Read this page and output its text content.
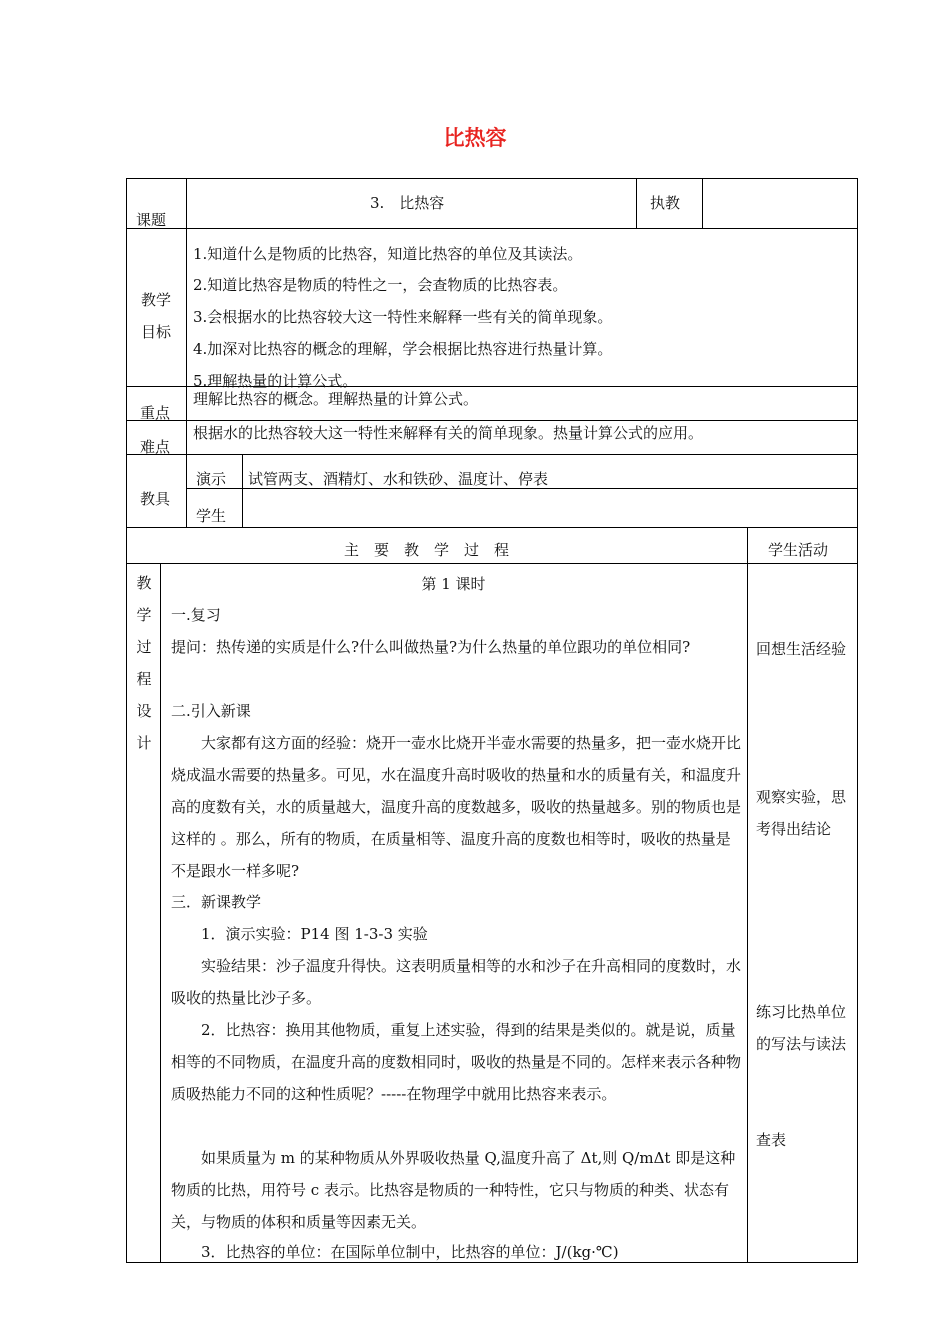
比热容
课题
3.　比热容	执教
教学
目标
1.知道什么是物质的比热容，知道比热容的单位及其读法。
2.知道比热容是物质的特性之一，会查物质的比热容表。
3.会根据水的比热容较大这一特性来解释一些有关的简单现象。
4.加深对比热容的概念的理解，学会根据比热容进行热量计算。
5.理解热量的计算公式。
重点
理解比热容的概念。理解热量的计算公式。
难点
根据水的比热容较大这一特性来解释有关的简单现象。热量计算公式的应用。
教具
演示 试管两支、酒精灯、水和铁砂、温度计、停表
学生
主　要　教　学　过　程	学生活动
教
学
过
程
设
计
第 1 课时
一.复习
提问：热传递的实质是什么?什么叫做热量?为什么热量的单位跟功的单位相同?
二.引入新课
大家都有这方面的经验：烧开一壶水比烧开半壶水需要的热量多，把一壶水烧开比烧成温水需要的热量多。可见，水在温度升高时吸收的热量和水的质量有关，和温度升高的度数有关，水的质量越大，温度升高的度数越多，吸收的热量越多。别的物质也是这样的 。那么，所有的物质，在质量相等、温度升高的度数也相等时，吸收的热量是不是跟水一样多呢?
三．新课教学
1．演示实验：P14 图 1-3-3 实验
实验结果：沙子温度升得快。这表明质量相等的水和沙子在升高相同的度数时，水吸收的热量比沙子多。
2．比热容：换用其他物质，重复上述实验，得到的结果是类似的。就是说，质量相等的不同物质，在温度升高的度数相同时，吸收的热量是不同的。怎样来表示各种物质吸热能力不同的这种性质呢？-----在物理学中就用比热容来表示。
如果质量为 m 的某种物质从外界吸收热量 Q,温度升高了 Δt,则 Q/mΔt 即是这种物质的比热，用符号 c 表示。比热容是物质的一种特性，它只与物质的种类、状态有关，与物质的体积和质量等因素无关。
3．比热容的单位：在国际单位制中，比热容的单位：J/(kg·℃)
回想生活经验
观察实验，思考得出结论
练习比热单位的写法与读法
查表
